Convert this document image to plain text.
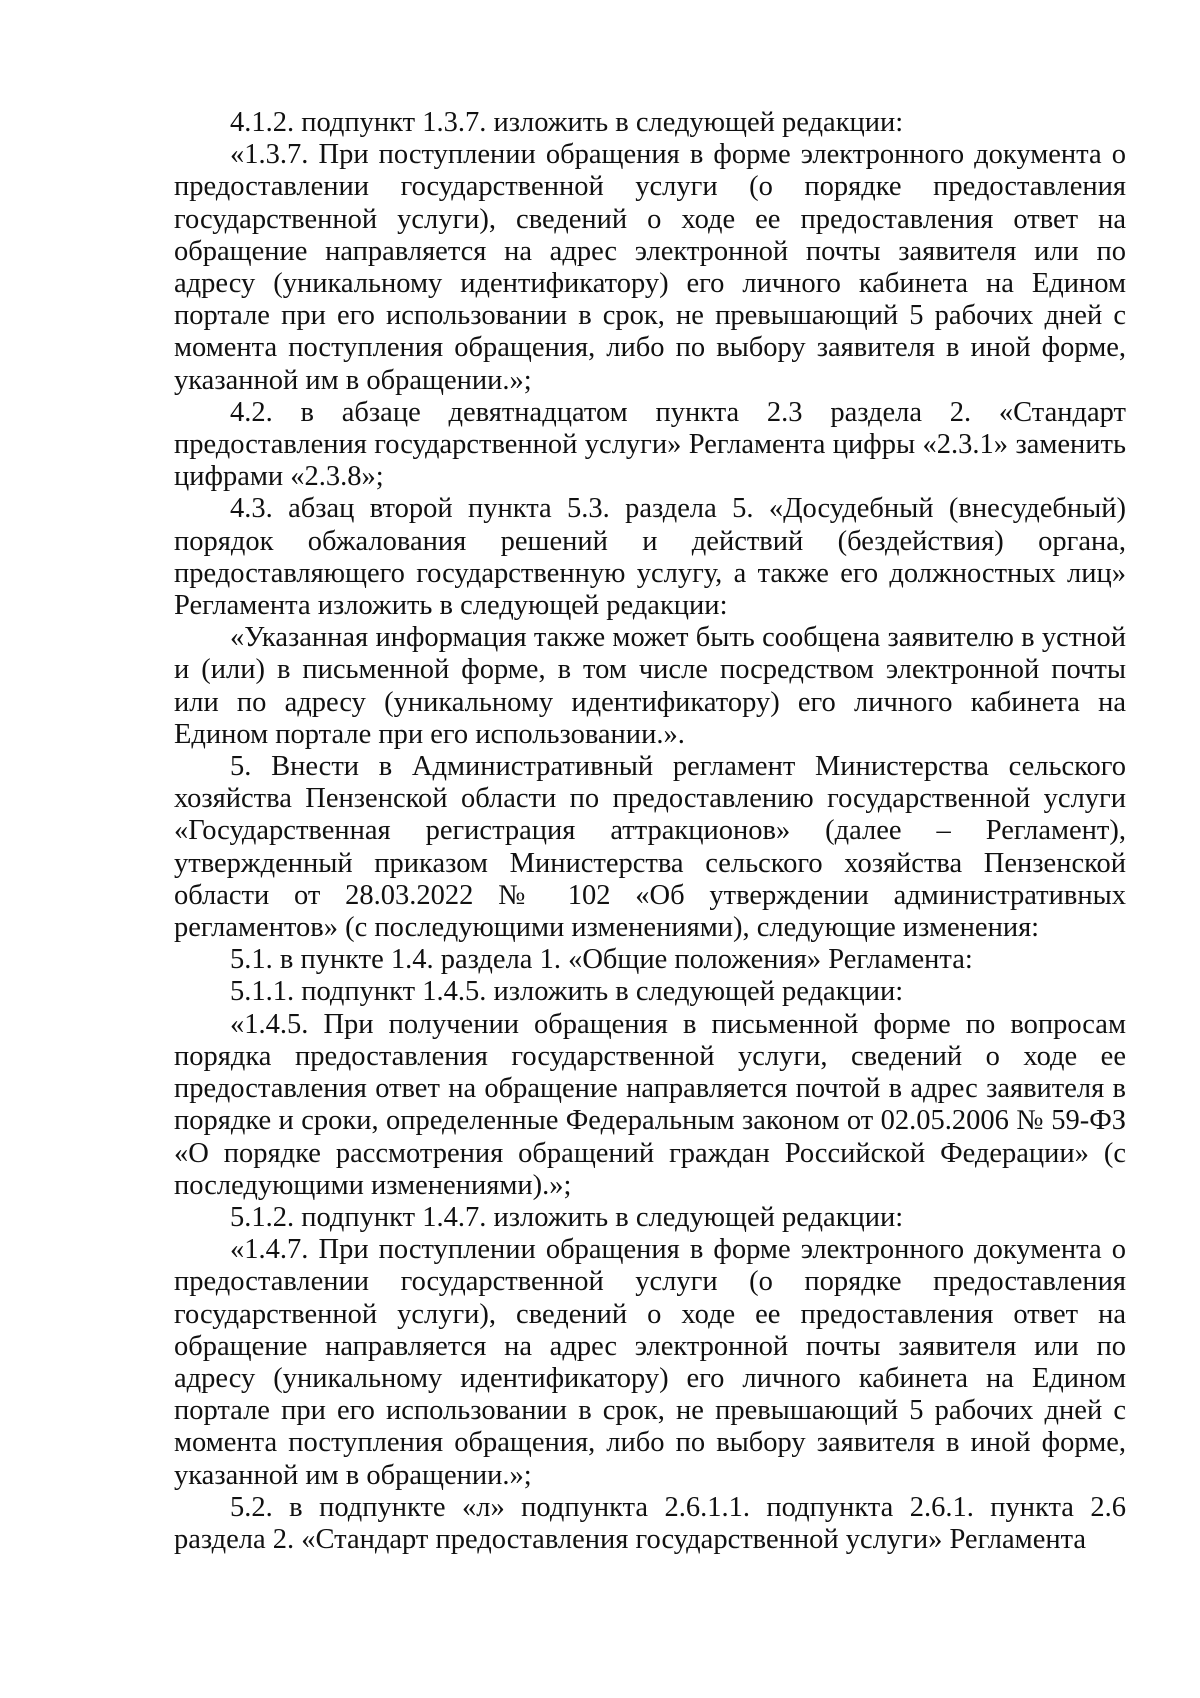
4.1.2. подпункт 1.3.7. изложить в следующей редакции:

«1.3.7. При поступлении обращения в форме электронного документа о предоставлении государственной услуги (о порядке предоставления государственной услуги), сведений о ходе ее предоставления ответ на обращение направляется на адрес электронной почты заявителя или по адресу (уникальному идентификатору) его личного кабинета на Едином портале при его использовании в срок, не превышающий 5 рабочих дней с момента поступления обращения, либо по выбору заявителя в иной форме, указанной им в обращении.»;

4.2. в абзаце девятнадцатом пункта 2.3 раздела 2. «Стандарт предоставления государственной услуги» Регламента цифры «2.3.1» заменить цифрами «2.3.8»;

4.3. абзац второй пункта 5.3. раздела 5. «Досудебный (внесудебный) порядок обжалования решений и действий (бездействия) органа, предоставляющего государственную услугу, а также его должностных лиц» Регламента изложить в следующей редакции:

«Указанная информация также может быть сообщена заявителю в устной и (или) в письменной форме, в том числе посредством электронной почты или по адресу (уникальному идентификатору) его личного кабинета на Едином портале при его использовании.».

5. Внести в Административный регламент Министерства сельского хозяйства Пензенской области по предоставлению государственной услуги «Государственная регистрация аттракционов» (далее – Регламент), утвержденный приказом Министерства сельского хозяйства Пензенской области от 28.03.2022 № 102 «Об утверждении административных регламентов» (с последующими изменениями), следующие изменения:

5.1. в пункте 1.4. раздела 1. «Общие положения» Регламента:

5.1.1. подпункт 1.4.5. изложить в следующей редакции:

«1.4.5. При получении обращения в письменной форме по вопросам порядка предоставления государственной услуги, сведений о ходе ее предоставления ответ на обращение направляется почтой в адрес заявителя в порядке и сроки, определенные Федеральным законом от 02.05.2006 № 59-ФЗ «О порядке рассмотрения обращений граждан Российской Федерации» (с последующими изменениями).»;

5.1.2. подпункт 1.4.7. изложить в следующей редакции:

«1.4.7. При поступлении обращения в форме электронного документа о предоставлении государственной услуги (о порядке предоставления государственной услуги), сведений о ходе ее предоставления ответ на обращение направляется на адрес электронной почты заявителя или по адресу (уникальному идентификатору) его личного кабинета на Едином портале при его использовании в срок, не превышающий 5 рабочих дней с момента поступления обращения, либо по выбору заявителя в иной форме, указанной им в обращении.»;

5.2. в подпункте «л» подпункта 2.6.1.1. подпункта 2.6.1. пункта 2.6 раздела 2. «Стандарт предоставления государственной услуги» Регламента
